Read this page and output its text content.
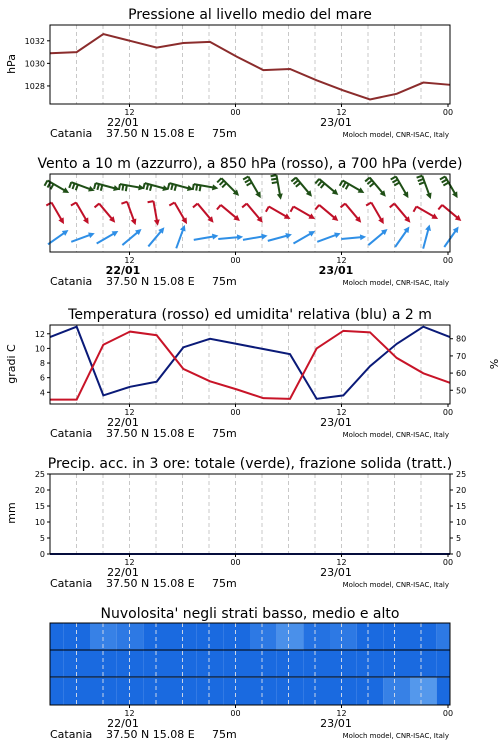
Pressione al livello medio del mare
hPa
1028
1030
1032
12	00	12	00
22/01	23/01
Catania 37.50 N 15.08 E 75m	Moloch model, CNR-ISAC, Italy
Vento a 10 m (azzurro), a 850 hPa (rosso), a 700 hPa (verde)
12	00	12	00
22/01	23/01
Catania 37.50 N 15.08 E 75m	Moloch model, CNR-ISAC, Italy
Temperatura (rosso) ed umidita' relativa (blu) a 2 m
gradi C	%
4
6
8
10
12
50
60
70
80
12	00	12	00
22/01	23/01
Catania 37.50 N 15.08 E 75m	Moloch model, CNR-ISAC, Italy
Precip. acc. in 3 ore: totale (verde), frazione solida (tratt.)
mm
0
5
10
15
20
25
0
5
10
15
20
25
12	00	12	00
22/01	23/01
Catania 37.50 N 15.08 E 75m	Moloch model, CNR-ISAC, Italy
Nuvolosita' negli strati basso, medio e alto
12	00	12	00
22/01	23/01
Catania 37.50 N 15.08 E 75m	Moloch model, CNR-ISAC, Italy
